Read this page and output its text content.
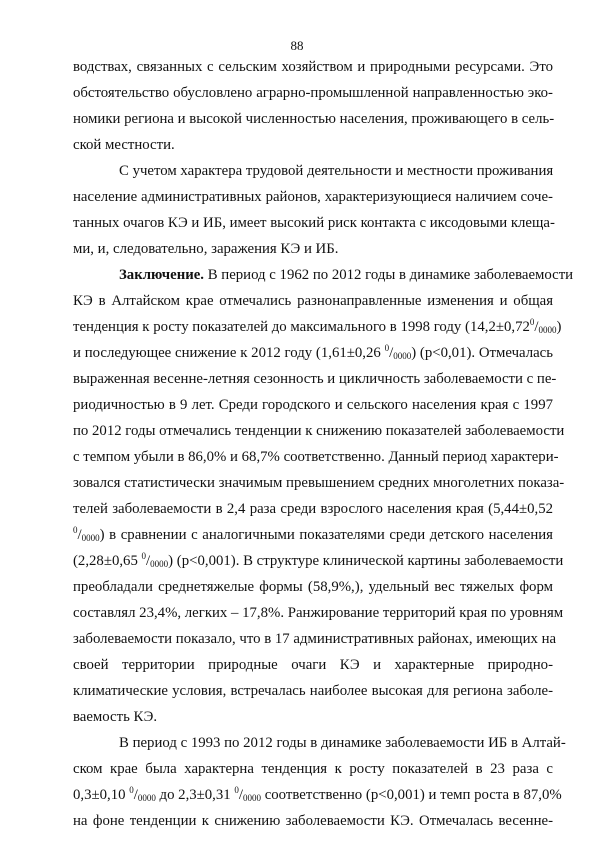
88
водствах, связанных с сельским хозяйством и природными ресурсами. Это
обстоятельство обусловлено аграрно-промышленной направленностью эко-
номики региона и высокой численностью населения, проживающего в сель-
ской местности.
С учетом характера трудовой деятельности и местности проживания
население административных районов, характеризующиеся наличием соче-
танных очагов КЭ и ИБ, имеет высокий риск контакта с иксодовыми клеща-
ми, и, следовательно, заражения КЭ и ИБ.
Заключение. В период с 1962 по 2012 годы в динамике заболеваемости
КЭ в Алтайском крае отмечались разнонаправленные изменения и общая
тенденция к росту показателей до максимального в 1998 году $(14,2\pm 0,72^0/_{0000})$
и последующее снижение к 2012 году (1,61±0,26 $^0/_{0000}$) (p<0,01). Отмечалась
выраженная весенне-летняя сезонность и цикличность заболеваемости с пе-
риодичностью в 9 лет. Среди городского и сельского населения края с 1997
по 2012 годы отмечались тенденции к снижению показателей заболеваемости
с темпом убыли в 86,0% и 68,7% соответственно. Данный период характери-
зовался статистически значимым превышением средних многолетних показа-
телей заболеваемости в 2,4 раза среди взрослого населения края (5,44±0,52
$^0/_{0000}$) в сравнении с аналогичными показателями среди детского населения
(2,28±0,65 $^0/_{0000}$) (p<0,001). В структуре клинической картины заболеваемости
преобладали среднетяжелые формы (58,9%,), удельный вес тяжелых форм
составлял 23,4%, легких – 17,8%. Ранжирование территорий края по уровням
заболеваемости показало, что в 17 административных районах, имеющих на
своей территории природные очаги КЭ и характерные природно-
климатические условия, встречалась наиболее высокая для региона заболе-
ваемость КЭ.
В период с 1993 по 2012 годы в динамике заболеваемости ИБ в Алтай-
ском крае была характерна тенденция к росту показателей в 23 раза с
0,3±0,10 $^0/_{0000}$ до 2,3±0,31 $^0/_{0000}$ соответственно (p<0,001) и темп роста в 87,0%
на фоне тенденции к снижению заболеваемости КЭ. Отмечалась весенне-
